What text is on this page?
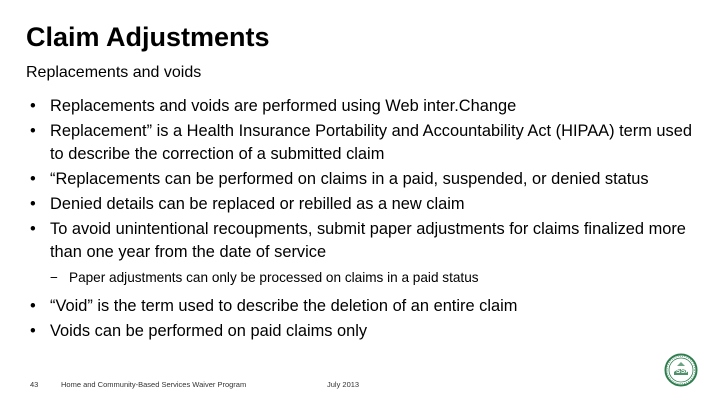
Claim Adjustments
Replacements and voids
• Replacements and voids are performed using Web inter.Change
• Replacement” is a Health Insurance Portability and Accountability Act (HIPAA) term used to describe the correction of a submitted claim
• “Replacements can be performed on claims in a paid, suspended, or denied status
• Denied details can be replaced or rebilled as a new claim
• To avoid unintentional recoupments, submit paper adjustments for claims finalized more than one year from the date of service
− Paper adjustments can only be processed on claims in a paid status
• “Void” is the term used to describe the deletion of an entire claim
• Voids can be performed on paid claims only
43	Home and Community-Based Services Waiver Program	July 2013
FSSA
